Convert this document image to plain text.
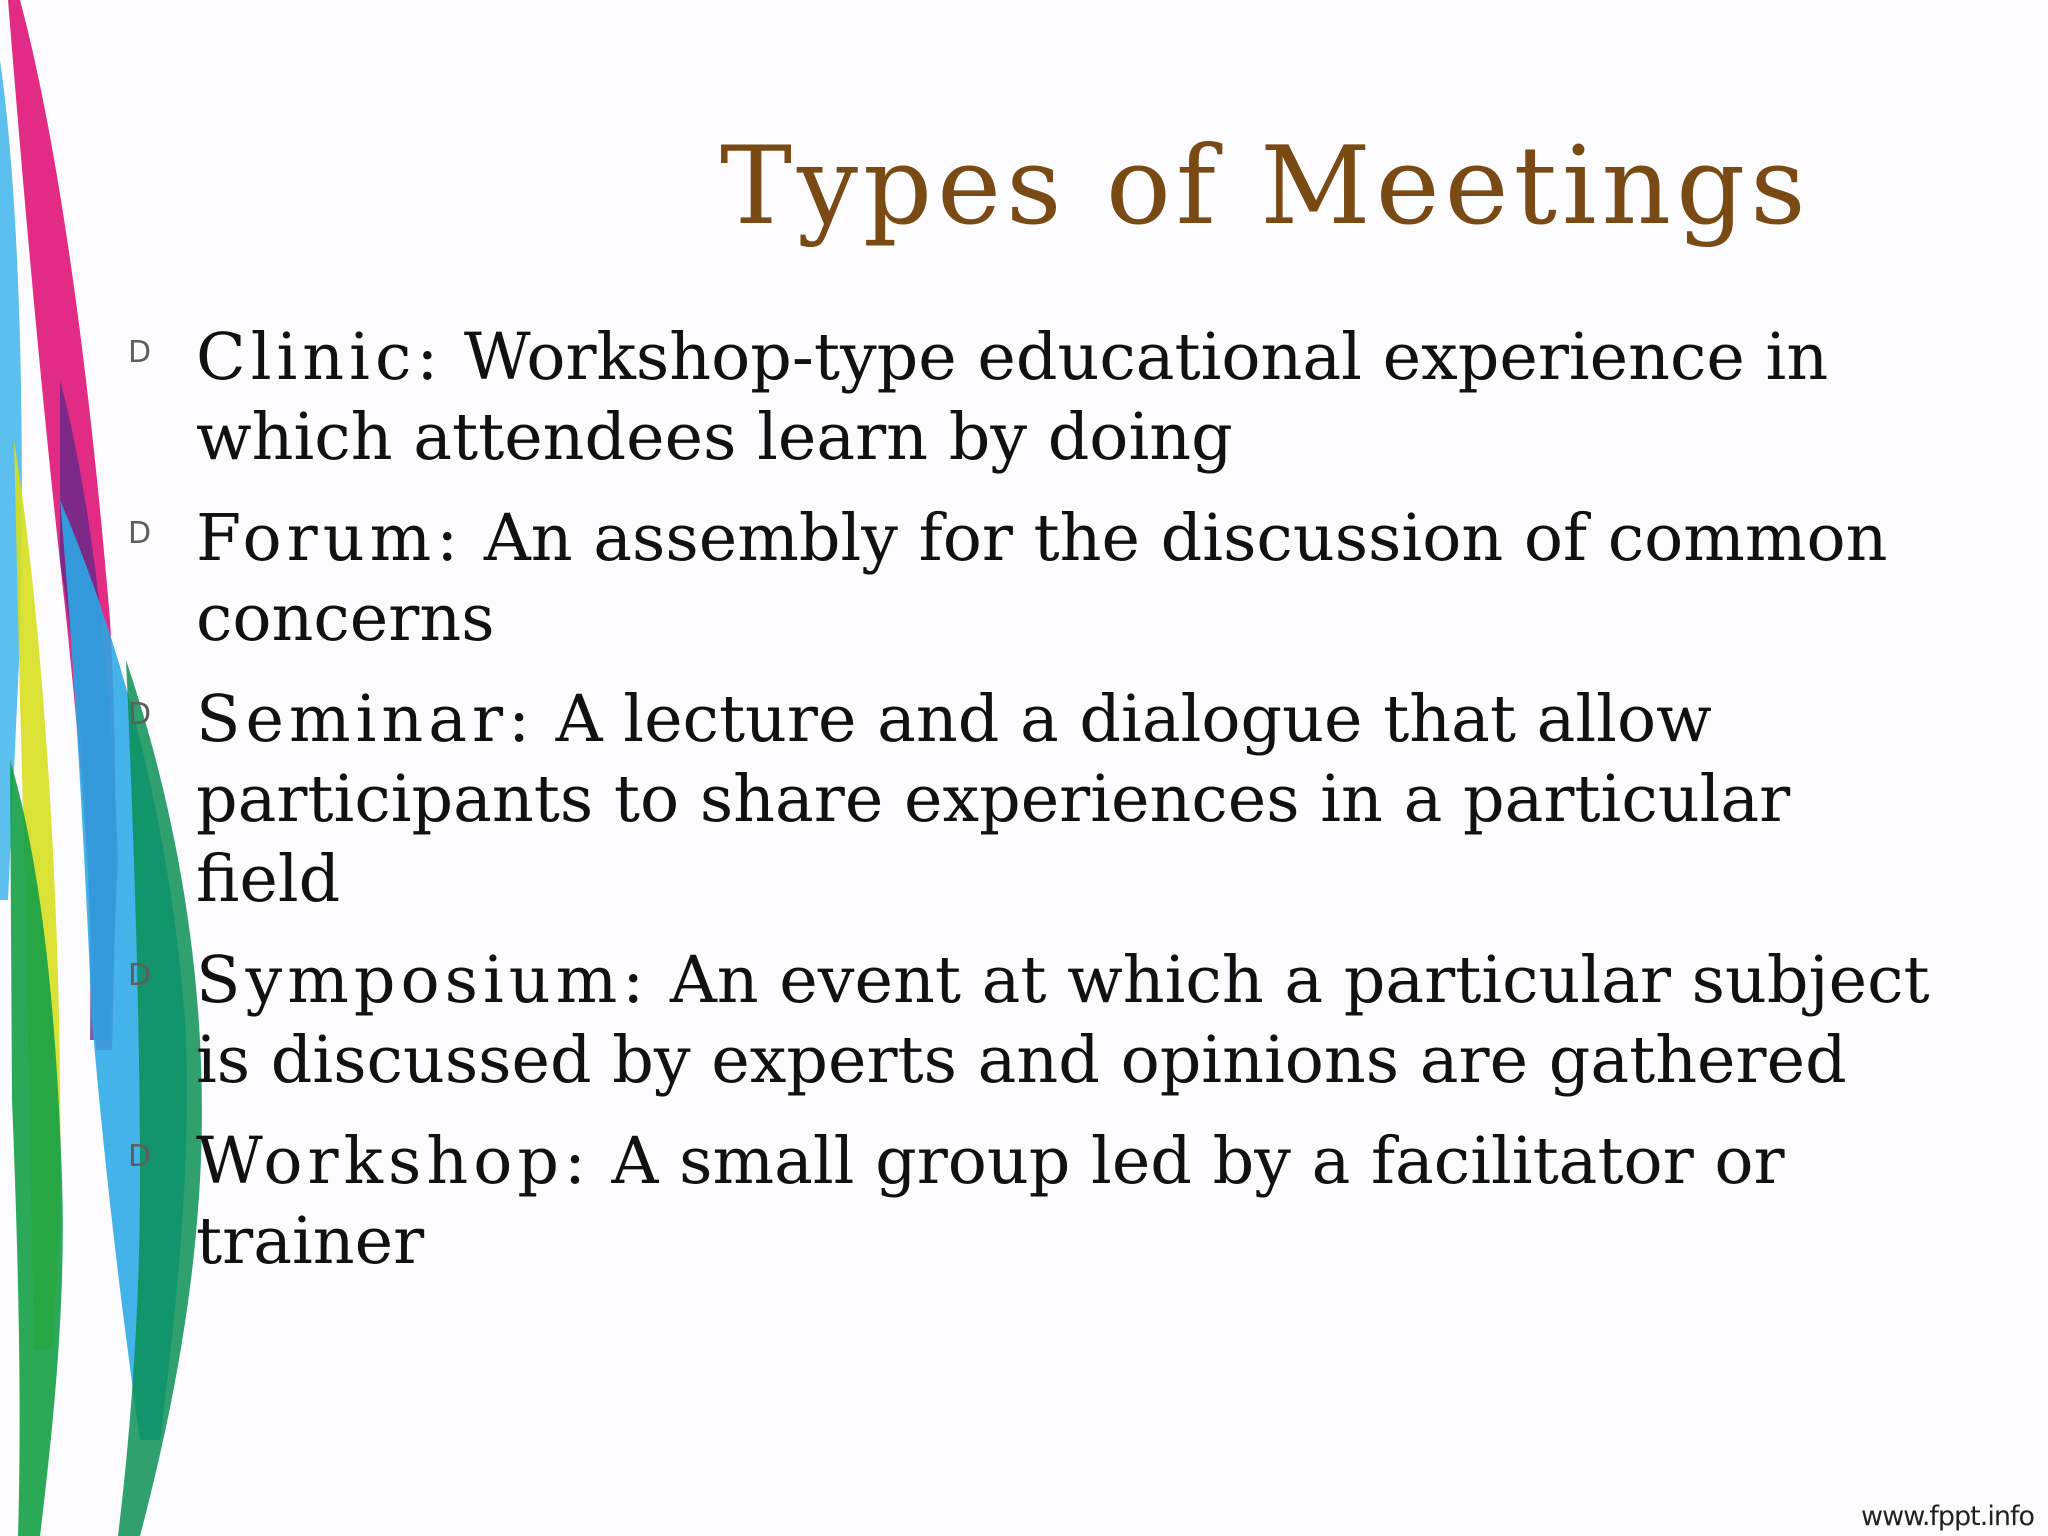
Types of Meetings
D Clinic: Workshop-type educational experience in which attendees learn by doing
D Forum: An assembly for the discussion of common concerns
D Seminar: A lecture and a dialogue that allow participants to share experiences in a particular field
D Symposium: An event at which a particular subject is discussed by experts and opinions are gathered
D Workshop: A small group led by a facilitator or trainer
www.fppt.info
